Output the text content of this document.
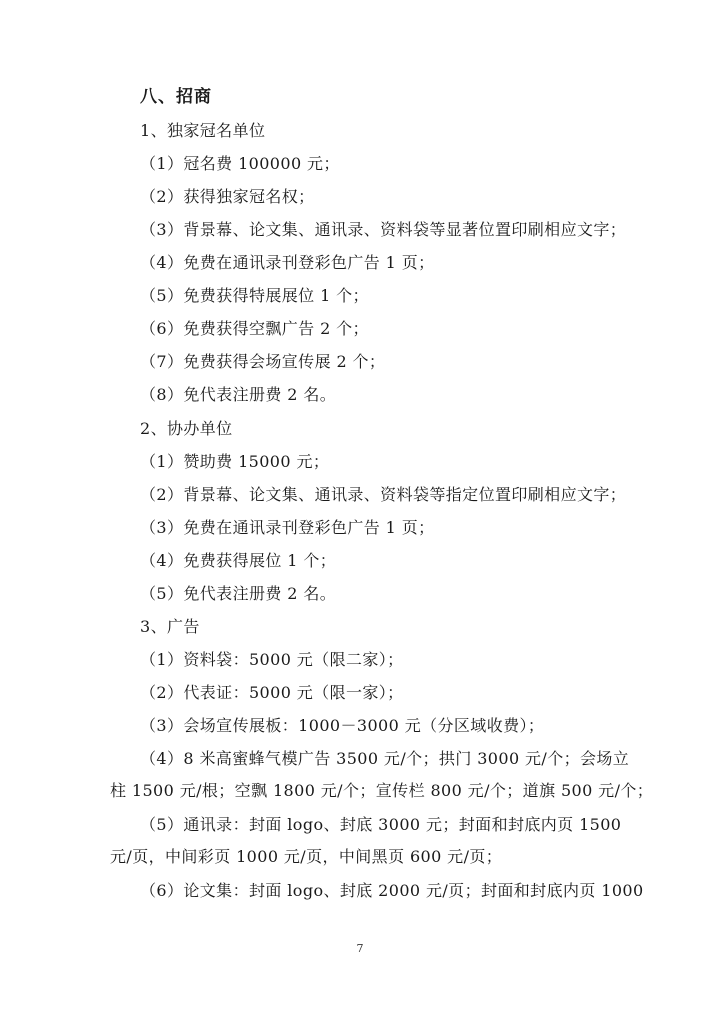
八、招商
1、独家冠名单位
（1）冠名费 100000 元；
（2）获得独家冠名权；
（3）背景幕、论文集、通讯录、资料袋等显著位置印刷相应文字；
（4）免费在通讯录刊登彩色广告 1 页；
（5）免费获得特展展位 1 个；
（6）免费获得空飘广告 2 个；
（7）免费获得会场宣传展 2 个；
（8）免代表注册费 2 名。
2、协办单位
（1）赞助费 15000 元；
（2）背景幕、论文集、通讯录、资料袋等指定位置印刷相应文字；
（3）免费在通讯录刊登彩色广告 1 页；
（4）免费获得展位 1 个；
（5）免代表注册费 2 名。
3、广告
（1）资料袋：5000 元（限二家）；
（2）代表证：5000 元（限一家）；
（3）会场宣传展板：1000－3000 元（分区域收费）；
（4）8 米高蜜蜂气模广告 3500 元/个；拱门 3000 元/个；会场立
柱 1500 元/根；空飘 1800 元/个；宣传栏 800 元/个；道旗 500 元/个；
（5）通讯录：封面 logo、封底 3000 元；封面和封底内页 1500
元/页，中间彩页 1000 元/页，中间黑页 600 元/页；
（6）论文集：封面 logo、封底 2000 元/页；封面和封底内页 1000
7
